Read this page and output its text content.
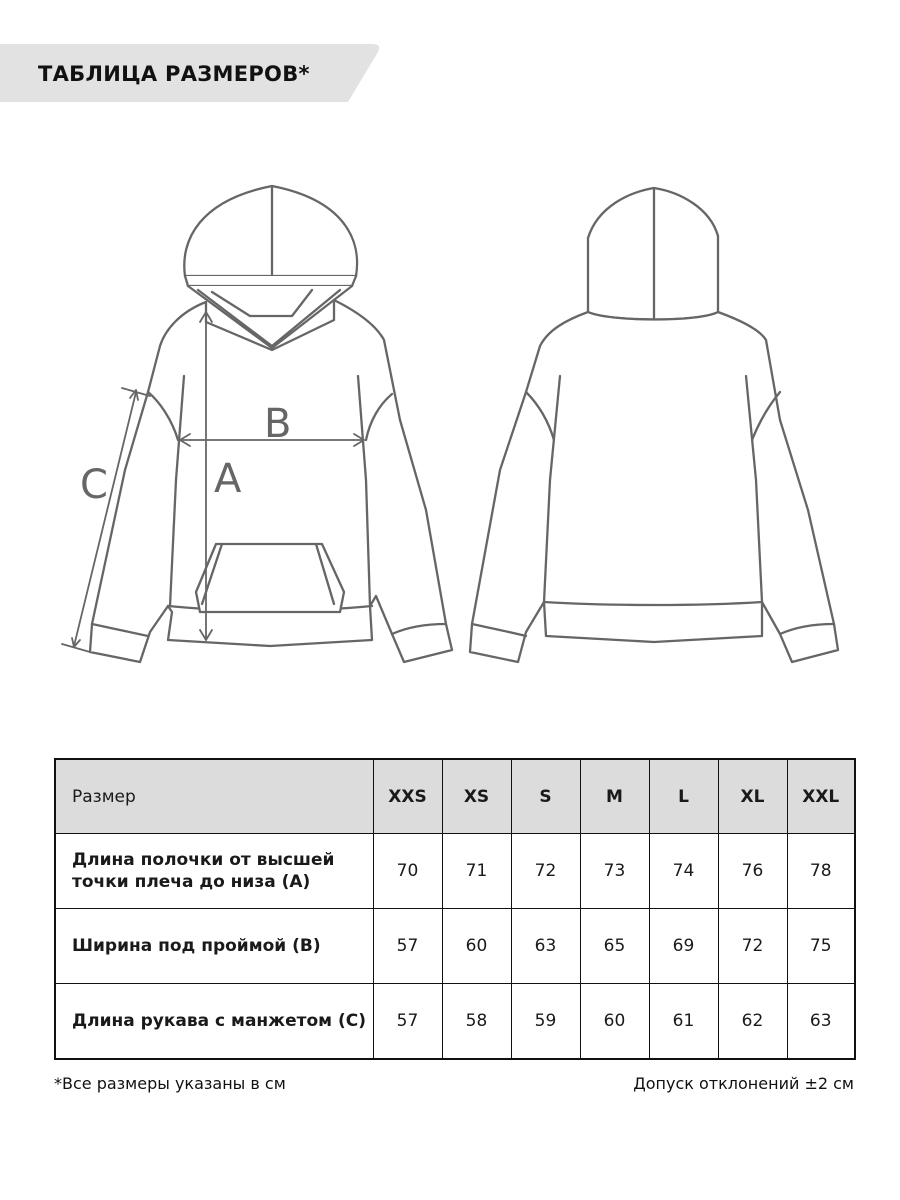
ТАБЛИЦА РАЗМЕРОВ*
B
A
C
Размер	XXS	XS	S	M	L	XL	XXL
Длина полочки от высшей
точки плеча до низа (A)	70	71	72	73	74	76	78
Ширина под проймой (B)	57	60	63	65	69	72	75
Длина рукава с манжетом (C)	57	58	59	60	61	62	63
*Все размеры указаны в см	Допуск отклонений ±2 см
